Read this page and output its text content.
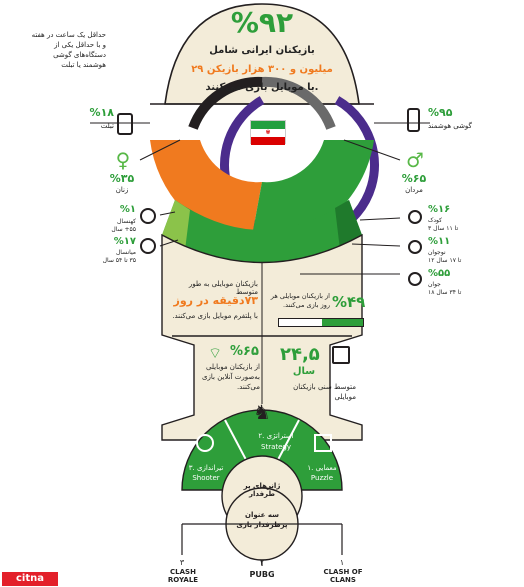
حداقل یک ساعت در هفته و با حداقل یکی از دستگاه‌های گوشی هوشمند یا تبلت
%۹۲
بازیکنان ایرانی شامل
۲۹ میلیون و ۳۰۰ هزار بازیکن
با موبایل بازی می‌کنند.
✾
%۱۸
تبلت
%۹۵
گوشی هوشمند
♀
%۳۵
زنان
♂
%۶۵
مردان
%۱
کهنسال
۵۵+ سال
%۱۷
میانسال
۳۵ تا ۵۴ سال
%۱۶
کودک
۳ تا ۱۱ سال
%۱۱
نوجوان
۱۲ تا ۱۷ سال
%۵۵
جوان
۱۸ تا ۳۴ سال
بازیکنان موبایلی به طور متوسط
۷۳دقیقه در روز
با پلتفرم موبایل بازی می‌کنند.
%۴۹
از بازیکنان موبایلی هر روز بازی می‌کنند.
⌔ %۶۵
از بازیکنان موبایلی به‌صورت آنلاین بازی می‌کنند.
۲۴,۵
سال
متوسط سنی بازیکنان موبایلی
♞
۲. استراتژی
Strategy
۳. تیراندازی
Shooter
۱. معمایی
Puzzle
ژانرهای پر طرفدار
سه عنوان پرطرفدار بازی
۱
CLASH OF CLANS
۲
PUBG
۳
CLASH ROYALE
citna
